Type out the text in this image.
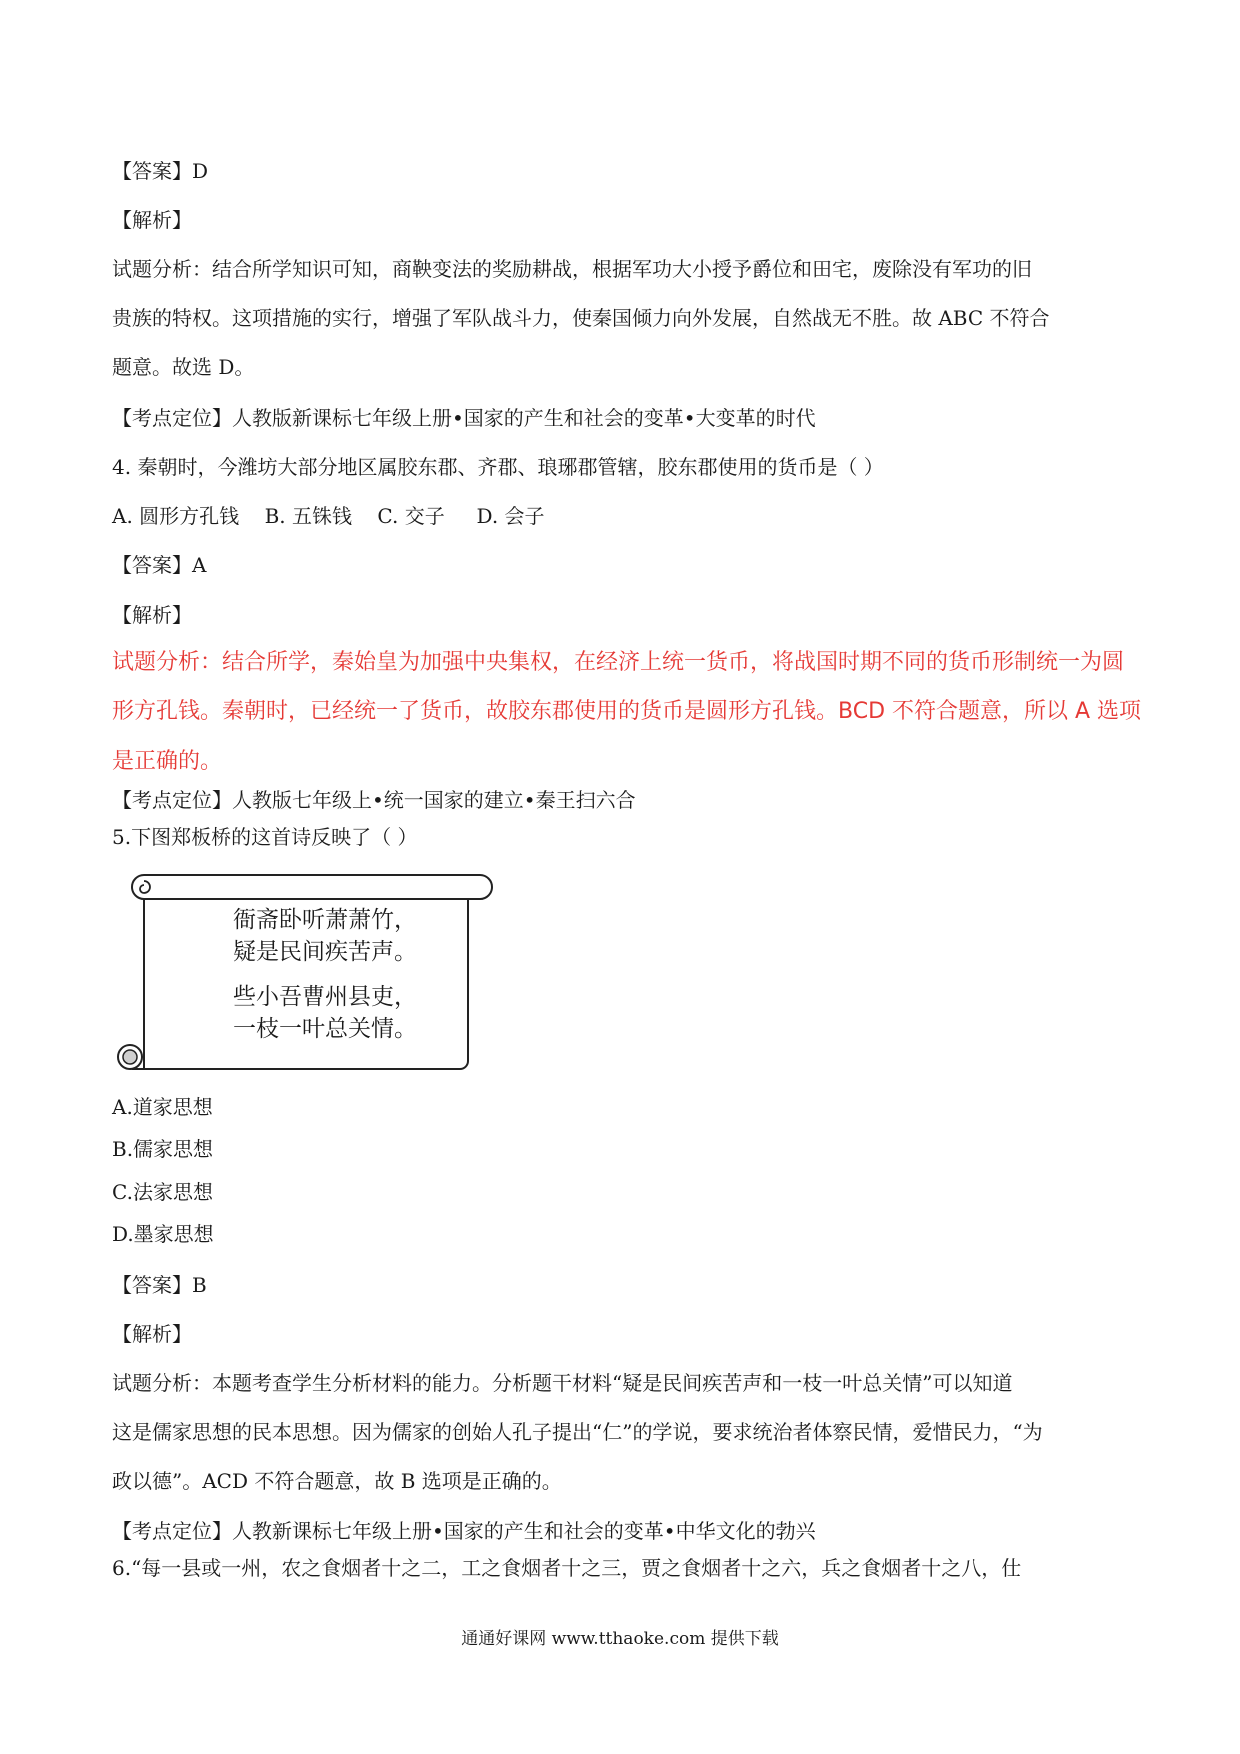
【答案】D
【解析】
试题分析：结合所学知识可知，商鞅变法的奖励耕战，根据军功大小授予爵位和田宅，废除没有军功的旧
贵族的特权。这项措施的实行，增强了军队战斗力，使秦国倾力向外发展，自然战无不胜。故 ABC 不符合
题意。故选 D。
【考点定位】人教版新课标七年级上册•国家的产生和社会的变革•大变革的时代
4. 秦朝时，今潍坊大部分地区属胶东郡、齐郡、琅琊郡管辖，胶东郡使用的货币是（ ）
A. 圆形方孔钱    B. 五铢钱    C. 交子     D. 会子
【答案】A
【解析】
试题分析：结合所学，秦始皇为加强中央集权，在经济上统一货币，将战国时期不同的货币形制统一为圆
形方孔钱。秦朝时，已经统一了货币，故胶东郡使用的货币是圆形方孔钱。BCD 不符合题意，所以 A 选项
是正确的。
【考点定位】人教版七年级上•统一国家的建立•秦王扫六合
5.下图郑板桥的这首诗反映了（ ）
衙斋卧听萧萧竹，
疑是民间疾苦声。
些小吾曹州县吏，
一枝一叶总关情。
A.道家思想
B.儒家思想
C.法家思想
D.墨家思想
【答案】B
【解析】
试题分析：本题考查学生分析材料的能力。分析题干材料“疑是民间疾苦声和一枝一叶总关情”可以知道
这是儒家思想的民本思想。因为儒家的创始人孔子提出“仁”的学说，要求统治者体察民情，爱惜民力，“为
政以德”。ACD 不符合题意，故 B 选项是正确的。
【考点定位】人教新课标七年级上册•国家的产生和社会的变革•中华文化的勃兴
6.“每一县或一州，农之食烟者十之二，工之食烟者十之三，贾之食烟者十之六，兵之食烟者十之八，仕
通通好课网 www.tthaoke.com 提供下载
